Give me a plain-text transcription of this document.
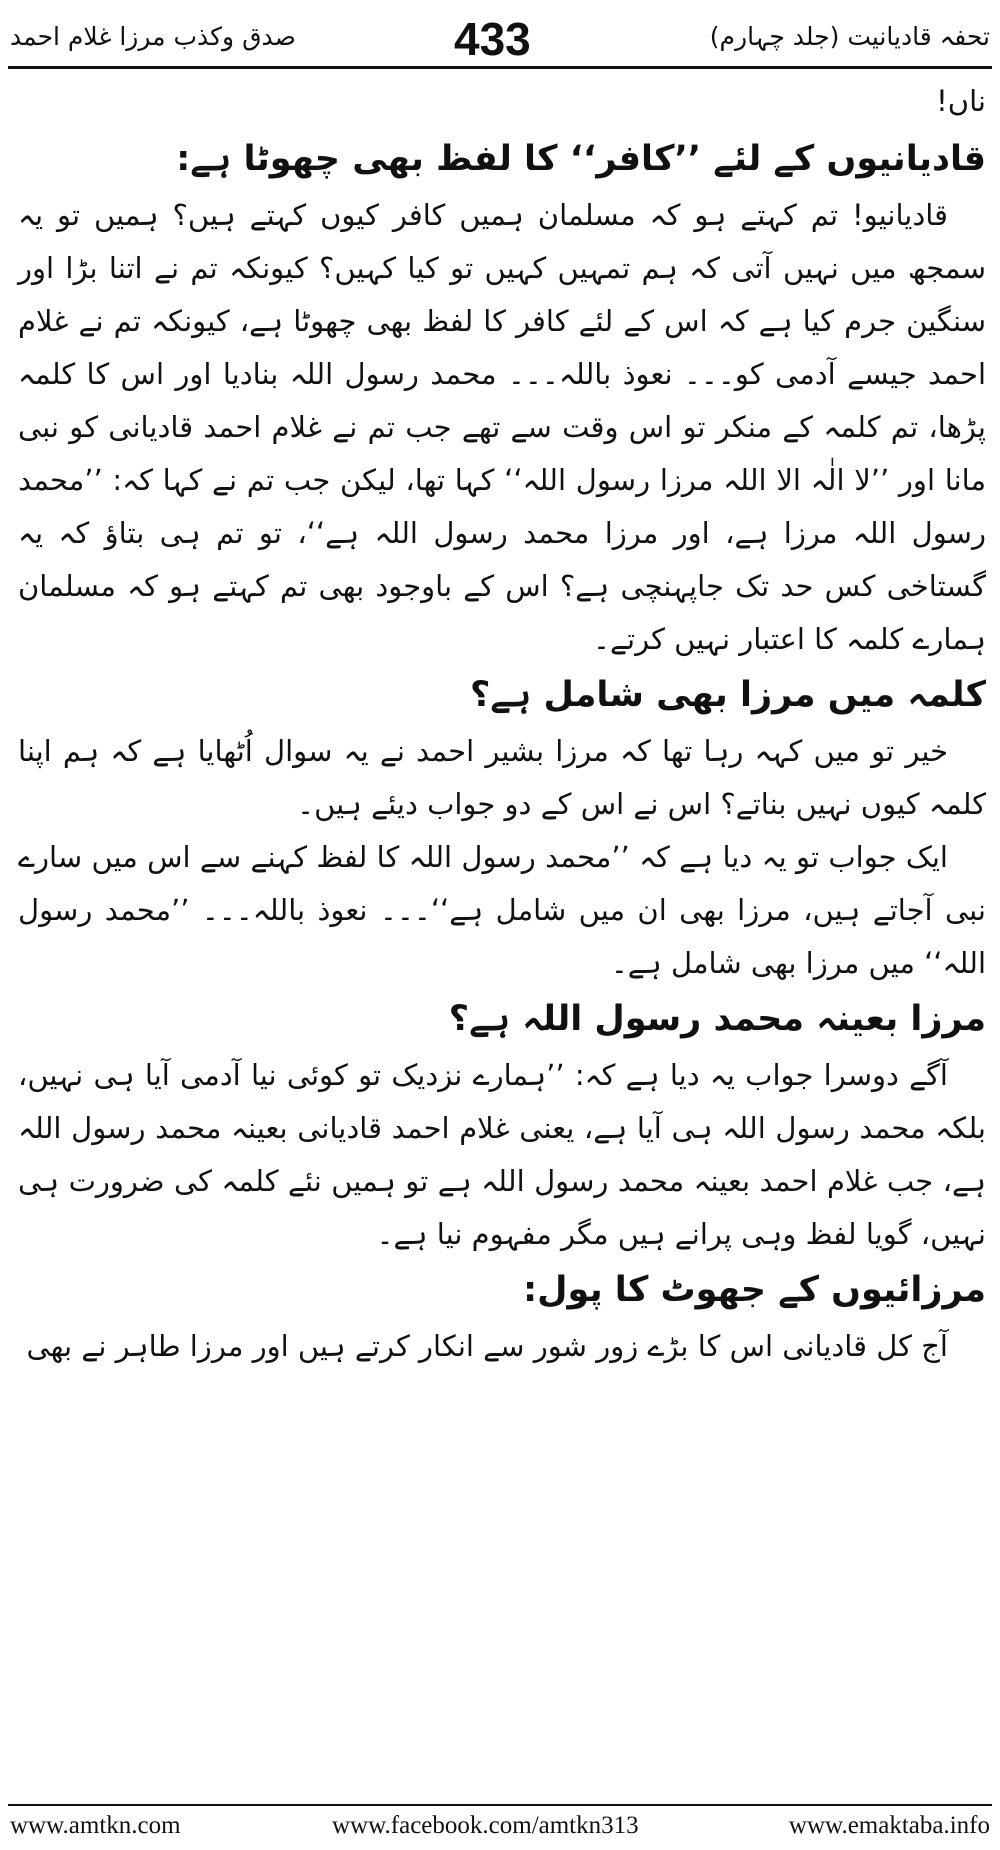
صدق وکذب مرزا غلام احمد	433	تحفہ قادیانیت (جلد چہارم)

ناں!

قادیانیوں کے لئے ’’کافر‘‘ کا لفظ بھی چھوٹا ہے:

قادیانیو! تم کہتے ہو کہ مسلمان ہمیں کافر کیوں کہتے ہیں؟ ہمیں تو یہ سمجھ میں نہیں آتی کہ ہم تمہیں کہیں تو کیا کہیں؟ کیونکہ تم نے اتنا بڑا اور سنگین جرم کیا ہے کہ اس کے لئے کافر کا لفظ بھی چھوٹا ہے، کیونکہ تم نے غلام احمد جیسے آدمی کو۔۔۔ نعوذ باللہ۔۔۔ محمد رسول اللہ بنادیا اور اس کا کلمہ پڑھا، تم کلمہ کے منکر تو اس وقت سے تھے جب تم نے غلام احمد قادیانی کو نبی مانا اور ’’لا الٰہ الا اللہ مرزا رسول اللہ‘‘ کہا تھا، لیکن جب تم نے کہا کہ: ’’محمد رسول اللہ مرزا ہے، اور مرزا محمد رسول اللہ ہے‘‘، تو تم ہی بتاؤ کہ یہ گستاخی کس حد تک جاپہنچی ہے؟ اس کے باوجود بھی تم کہتے ہو کہ مسلمان ہمارے کلمہ کا اعتبار نہیں کرتے۔

کلمہ میں مرزا بھی شامل ہے؟

خیر تو میں کہہ رہا تھا کہ مرزا بشیر احمد نے یہ سوال اُٹھایا ہے کہ ہم اپنا کلمہ کیوں نہیں بناتے؟ اس نے اس کے دو جواب دیئے ہیں۔

ایک جواب تو یہ دیا ہے کہ ’’محمد رسول اللہ کا لفظ کہنے سے اس میں سارے نبی آجاتے ہیں، مرزا بھی ان میں شامل ہے‘‘۔۔۔ نعوذ باللہ۔۔۔ ’’محمد رسول اللہ‘‘ میں مرزا بھی شامل ہے۔

مرزا بعینہ محمد رسول اللہ ہے؟

آگے دوسرا جواب یہ دیا ہے کہ: ’’ہمارے نزدیک تو کوئی نیا آدمی آیا ہی نہیں، بلکہ محمد رسول اللہ ہی آیا ہے، یعنی غلام احمد قادیانی بعینہ محمد رسول اللہ ہے، جب غلام احمد بعینہ محمد رسول اللہ ہے تو ہمیں نئے کلمہ کی ضرورت ہی نہیں، گویا لفظ وہی پرانے ہیں مگر مفہوم نیا ہے۔

مرزائیوں کے جھوٹ کا پول:

آج کل قادیانی اس کا بڑے زور شور سے انکار کرتے ہیں اور مرزا طاہر نے بھی

www.amtkn.com	www.facebook.com/amtkn313	www.emaktaba.info
